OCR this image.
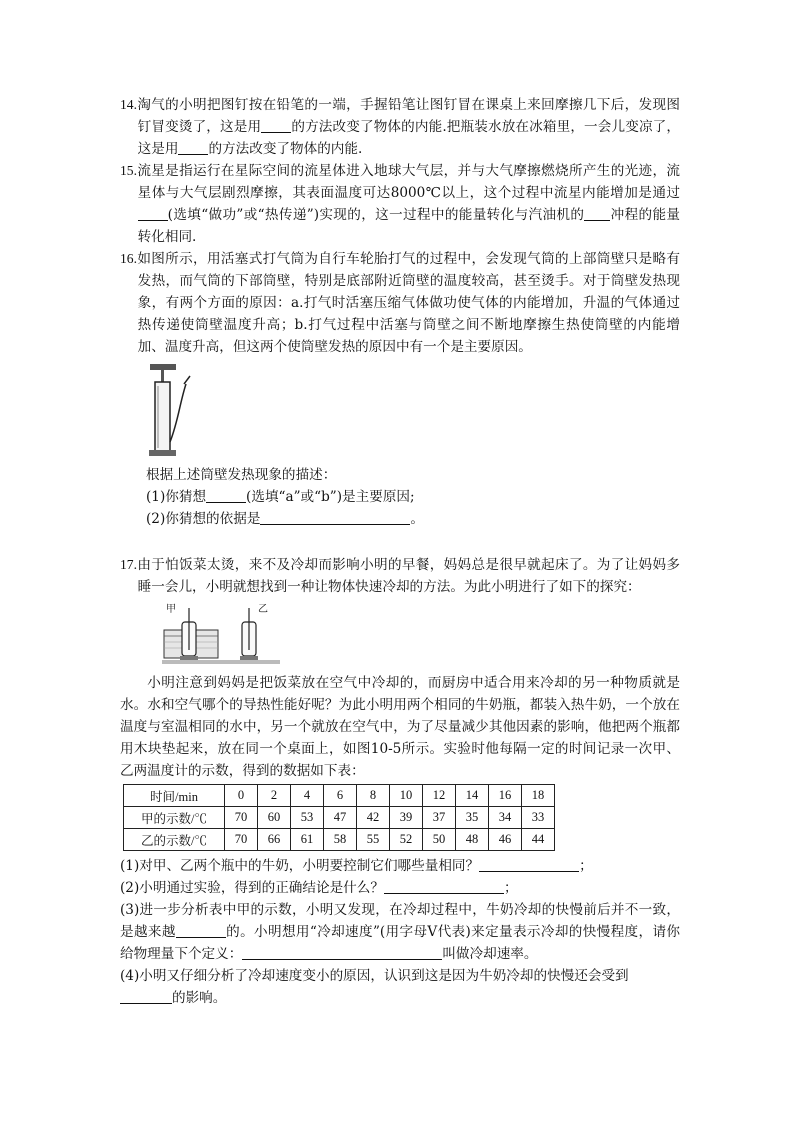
14.淘气的小明把图钉按在铅笔的一端，手握铅笔让图钉冒在课桌上来回摩擦几下后，发现图钉冒变烫了，这是用 的方法改变了物体的内能.把瓶装水放在冰箱里，一会儿变凉了，这是用 的方法改变了物体的内能.

15.流星是指运行在星际空间的流星体进入地球大气层，并与大气摩擦燃烧所产生的光迹，流星体与大气层剧烈摩擦，其表面温度可达8000℃以上，这个过程中流星内能增加是通过(选填“做功”或“热传递”)实现的，这一过程中的能量转化与汽油机的 冲程的能量转化相同.

16.如图所示，用活塞式打气筒为自行车轮胎打气的过程中，会发现气筒的上部筒壁只是略有发热，而气筒的下部筒壁，特别是底部附近筒壁的温度较高，甚至烫手。对于筒壁发热现象，有两个方面的原因：a.打气时活塞压缩气体做功使气体的内能增加，升温的气体通过热传递使筒壁温度升高；b.打气过程中活塞与筒壁之间不断地摩擦生热使筒壁的内能增加、温度升高，但这两个使筒壁发热的原因中有一个是主要原因。

根据上述筒壁发热现象的描述：

(1)你猜想	(选填“a”或“b”)是主要原因;

(2)你猜想的依据是	。

17.由于怕饭菜太烫，来不及冷却而影响小明的早餐，妈妈总是很早就起床了。为了让妈妈多睡一会儿，小明就想找到一种让物体快速冷却的方法。为此小明进行了如下的探究：

甲	乙

小明注意到妈妈是把饭菜放在空气中冷却的，而厨房中适合用来冷却的另一种物质就是水。水和空气哪个的导热性能好呢？为此小明用两个相同的牛奶瓶，都装入热牛奶，一个放在温度与室温相同的水中，另一个就放在空气中，为了尽量减少其他因素的影响，他把两个瓶都用木块垫起来，放在同一个桌面上，如图10-5所示。实验时他每隔一定的时间记录一次甲、乙两温度计的示数，得到的数据如下表：

时间/min	0	2	4	6	8	10	12	14	16	18
甲的示数/℃	70	60	53	47	42	39	37	35	34	33
乙的示数/℃	70	66	61	58	55	52	50	48	46	44

(1)对甲、乙两个瓶中的牛奶，小明要控制它们哪些量相同？	；

(2)小明通过实验，得到的正确结论是什么？	；

(3)进一步分析表中甲的示数，小明又发现，在冷却过程中，牛奶冷却的快慢前后并不一致，是越来越	的。小明想用“冷却速度”(用字母V代表)来定量表示冷却的快慢程度，请你给物理量下个定义：	叫做冷却速率。

(4)小明又仔细分析了冷却速度变小的原因，认识到这是因为牛奶冷却的快慢还会受到
的影响。
